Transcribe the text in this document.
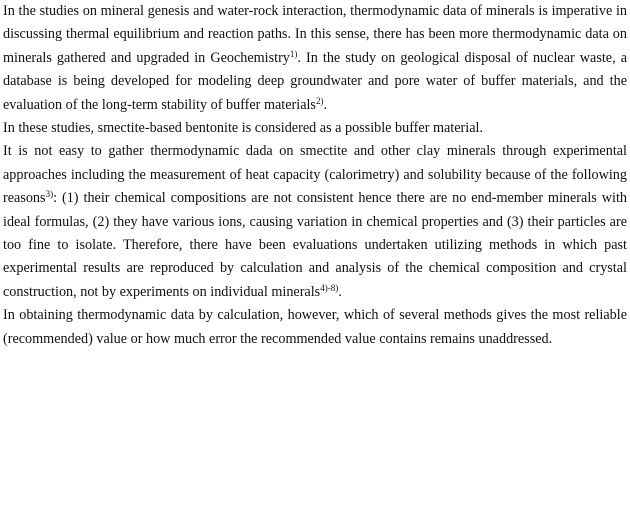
In the studies on mineral genesis and water-rock interaction, thermodynamic data of minerals is imperative in discussing thermal equilibrium and reaction paths. In this sense, there has been more thermodynamic data on minerals gathered and upgraded in Geochemistry$^{1)}$. In the study on geological disposal of nuclear waste, a database is being developed for modeling deep groundwater and pore water of buffer materials, and the evaluation of the long-term stability of buffer materials$^{2)}$.

In these studies, smectite-based bentonite is considered as a possible buffer material.

It is not easy to gather thermodynamic dada on smectite and other clay minerals through experimental approaches including the measurement of heat capacity (calorimetry) and solubility because of the following reasons$^{3)}$: (1) their chemical compositions are not consistent hence there are no end-member minerals with ideal formulas, (2) they have various ions, causing variation in chemical properties and (3) their particles are too fine to isolate. Therefore, there have been evaluations undertaken utilizing methods in which past experimental results are reproduced by calculation and analysis of the chemical composition and crystal construction, not by experiments on individual minerals$^{4)-8)}$.

In obtaining thermodynamic data by calculation, however, which of several methods gives the most reliable (recommended) value or how much error the recommended value contains remains unaddressed.
